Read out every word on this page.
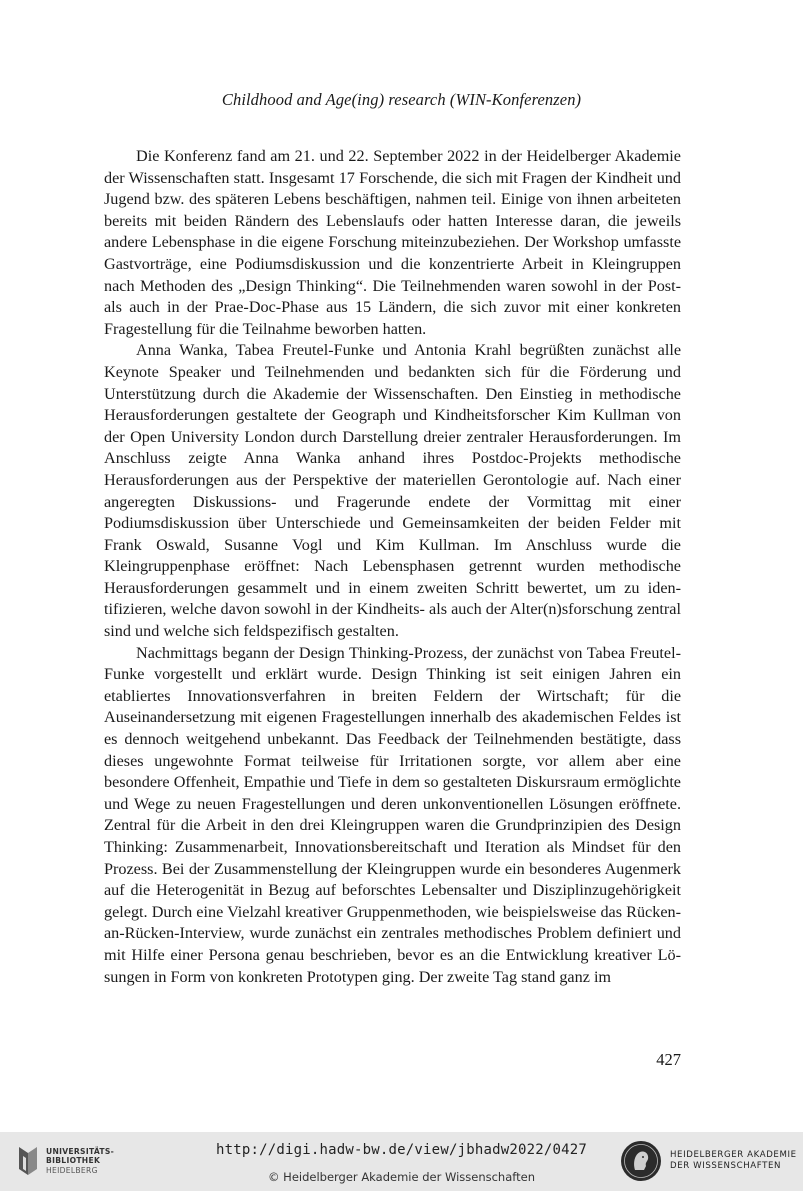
Childhood and Age(ing) research (WIN-Konferenzen)

Die Konferenz fand am 21. und 22. September 2022 in der Heidelberger Akademie der Wissenschaften statt. Insgesamt 17 Forschende, die sich mit Fragen der Kindheit und Jugend bzw. des späteren Lebens beschäftigen, nahmen teil. Einige von ihnen arbeiteten bereits mit beiden Rändern des Lebenslaufs oder hatten Interesse daran, die jeweils andere Lebensphase in die eigene Forschung miteinzubeziehen. Der Workshop umfasste Gastvorträge, eine Podiumsdiskussion und die konzentrierte Arbeit in Kleingruppen nach Methoden des „Design Thinking“. Die Teilnehmenden waren sowohl in der Post- als auch in der Prae-Doc-Phase aus 15 Ländern, die sich zuvor mit einer konkreten Fragestellung für die Teilnahme beworben hatten.

Anna Wanka, Tabea Freutel-Funke und Antonia Krahl begrüßten zunächst alle Keynote Speaker und Teilnehmenden und bedankten sich für die Förderung und Unterstützung durch die Akademie der Wissenschaften. Den Einstieg in methodische Herausforderungen gestaltete der Geograph und Kindheitsforscher Kim Kullman von der Open University London durch Darstellung dreier zentraler Herausforderungen. Im Anschluss zeigte Anna Wanka anhand ihres Postdoc-Projekts methodische Herausforderungen aus der Perspektive der materiellen Gerontologie auf. Nach einer angeregten Diskussions- und Fragerunde endete der Vormittag mit einer Podiumsdiskussion über Unterschiede und Gemeinsamkeiten der beiden Felder mit Frank Oswald, Susanne Vogl und Kim Kullman. Im Anschluss wurde die Kleingruppenphase eröffnet: Nach Lebensphasen getrennt wurden methodische Herausforderungen gesammelt und in einem zweiten Schritt bewertet, um zu identifizieren, welche davon sowohl in der Kindheits- als auch der Alter(n)sforschung zentral sind und welche sich feldspezifisch gestalten.

Nachmittags begann der Design Thinking-Prozess, der zunächst von Tabea Freutel-Funke vorgestellt und erklärt wurde. Design Thinking ist seit einigen Jahren ein etabliertes Innovationsverfahren in breiten Feldern der Wirtschaft; für die Auseinandersetzung mit eigenen Fragestellungen innerhalb des akademischen Feldes ist es dennoch weitgehend unbekannt. Das Feedback der Teilnehmenden bestätigte, dass dieses ungewohnte Format teilweise für Irritationen sorgte, vor allem aber eine besondere Offenheit, Empathie und Tiefe in dem so gestalteten Diskursraum ermöglichte und Wege zu neuen Fragestellungen und deren unkonventionellen Lösungen eröffnete. Zentral für die Arbeit in den drei Kleingruppen waren die Grundprinzipien des Design Thinking: Zusammenarbeit, Innovationsbereitschaft und Iteration als Mindset für den Prozess. Bei der Zusammenstellung der Kleingruppen wurde ein besonderes Augenmerk auf die Heterogenität in Bezug auf beforschtes Lebensalter und Disziplinzugehörigkeit gelegt. Durch eine Vielzahl kreativer Gruppenmethoden, wie beispielsweise das Rücken-an-Rücken-Interview, wurde zunächst ein zentrales methodisches Problem definiert und mit Hilfe einer Persona genau beschrieben, bevor es an die Entwicklung kreativer Lösungen in Form von konkreten Prototypen ging. Der zweite Tag stand ganz im

427
UNIVERSITÄTS-
BIBLIOTHEK
HEIDELBERG
http://digi.hadw-bw.de/view/jbhadw2022/0427
© Heidelberger Akademie der Wissenschaften
HEIDELBERGER AKADEMIE
DER WISSENSCHAFTEN
